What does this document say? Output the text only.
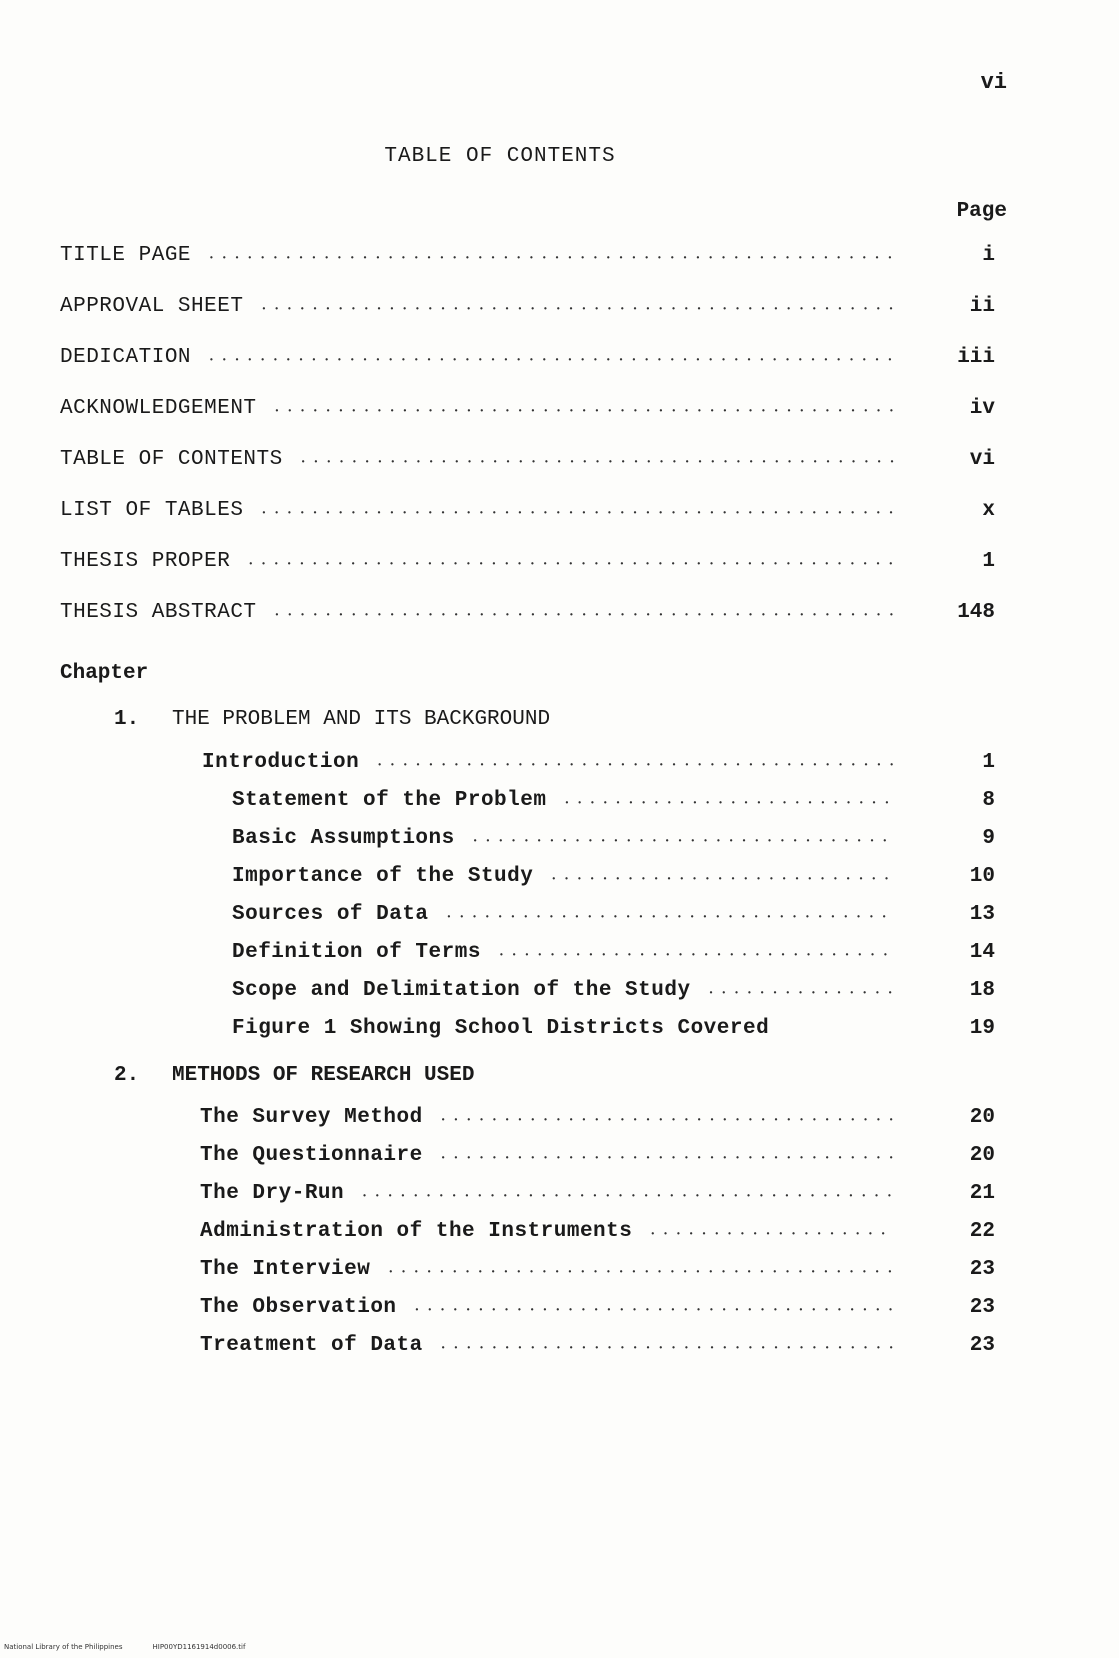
vi
TABLE OF CONTENTS
Page
TITLE PAGE •••••	i
APPROVAL SHEET •••••	ii
DEDICATION •••••	iii
ACKNOWLEDGEMENT •••••	iv
TABLE OF CONTENTS •••••	vi
LIST OF TABLES •••••	x
THESIS PROPER •••••	1
THESIS ABSTRACT •••••	148
Chapter
1. THE PROBLEM AND ITS BACKGROUND
Introduction •••••	1
Statement of the Problem •••••	8
Basic Assumptions •••••	9
Importance of the Study •••••	10
Sources of Data •••••	13
Definition of Terms •••••	14
Scope and Delimitation of the Study •••••	18
Figure 1 Showing School Districts Covered	19
2. METHODS OF RESEARCH USED
The Survey Method •••••	20
The Questionnaire •••••	20
The Dry-Run •••••	21
Administration of the Instruments •••••	22
The Interview •••••	23
The Observation •••••	23
Treatment of Data •••••	23
National Library of the Philippines	HIP00YD1161914d0006.tif
